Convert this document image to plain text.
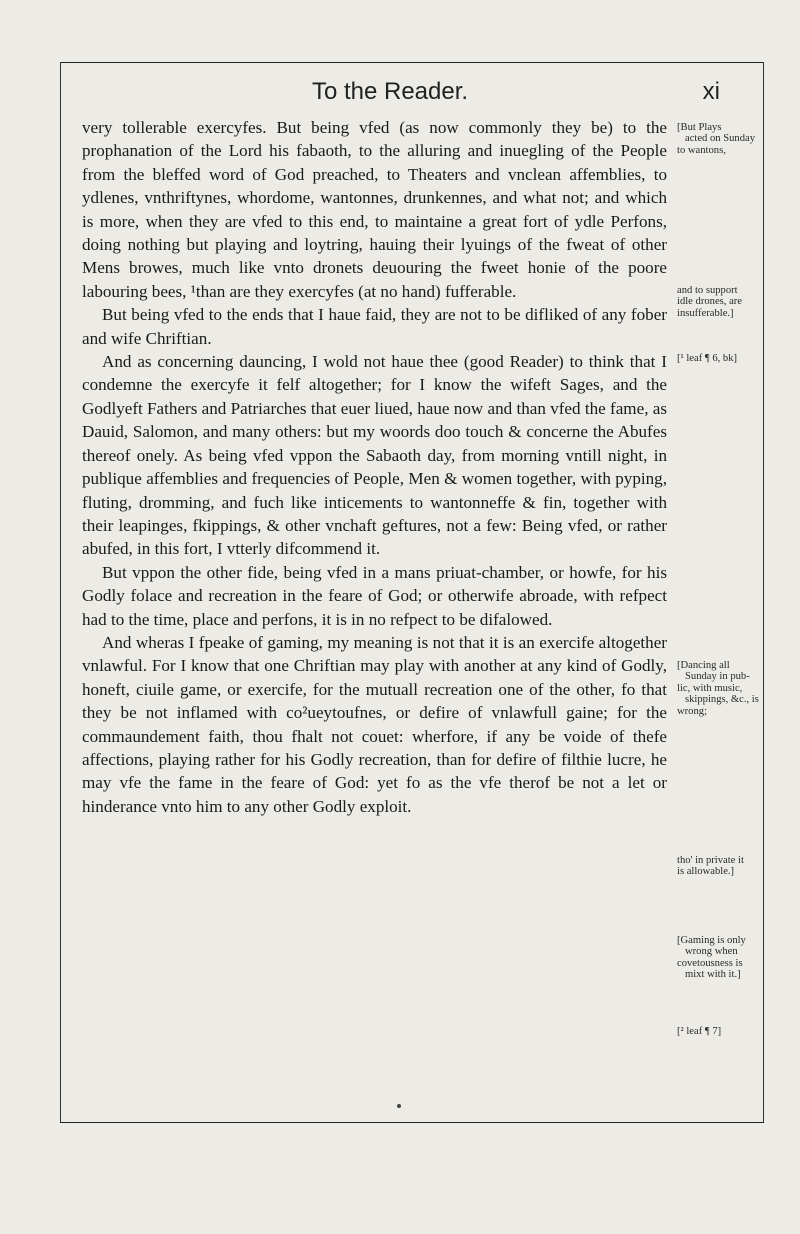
To the Reader.	xi

very tollerable exercyfes. But being vfed (as now commonly they be) to the prophanation of the Lord his fabaoth, to the alluring and inuegling of the People from the bleffed word of God preached, to Theaters and vnclean affemblies, to ydlenes, vnthriftynes, whordome, wantonnes, drunkennes, and what not; and which is more, when they are vfed to this end, to maintaine a great fort of ydle Perfons, doing nothing but playing and loytring, hauing their lyuings of the fweat of other Mens browes, much like vnto dronets deuouring the fweet honie of the poore labouring bees, ¹than are they exercyfes (at no hand) fufferable.

But being vfed to the ends that I haue faid, they are not to be difliked of any fober and wife Chriftian.

And as concerning dauncing, I wold not haue thee (good Reader) to think that I condemne the exercyfe it felf altogether; for I know the wifeft Sages, and the Godlyeft Fathers and Patriarches that euer liued, haue now and than vfed the fame, as Dauid, Salomon, and many others: but my woords doo touch & concerne the Abufes thereof onely. As being vfed vppon the Sabaoth day, from morning vntill night, in publique affemblies and frequencies of People, Men & women together, with pyping, fluting, dromming, and fuch like inticements to wantonneffe & fin, together with their leapinges, fkippings, & other vnchaft geftures, not a few: Being vfed, or rather abufed, in this fort, I vtterly difcommend it.

But vppon the other fide, being vfed in a mans priuat-chamber, or howfe, for his Godly folace and recreation in the feare of God; or otherwife abroade, with refpect had to the time, place and perfons, it is in no refpect to be difalowed.

And wheras I fpeake of gaming, my meaning is not that it is an exercife altogether vnlawful. For I know that one Chriftian may play with another at any kind of Godly, honeft, ciuile game, or exercife, for the mutuall recreation one of the other, fo that they be not inflamed with co²ueytoufnes, or defire of vnlawfull gaine; for the commaundement faith, thou fhalt not couet: wherfore, if any be voide of thefe affections, playing rather for his Godly recreation, than for defire of filthie lucre, he may vfe the fame in the feare of God: yet fo as the vfe therof be not a let or hinderance vnto him to any other Godly exploit.

[But Plays
acted on Sunday
to wantons,
and to support
idle drones, are
insufferable.]
[¹ leaf ¶ 6, bk]
[Dancing all
Sunday in pub-
lic, with music,
skippings, &c., is
wrong;
tho' in private it
is allowable.]
[Gaming is only
wrong when
covetousness is
mixt with it.]
[² leaf ¶ 7]
